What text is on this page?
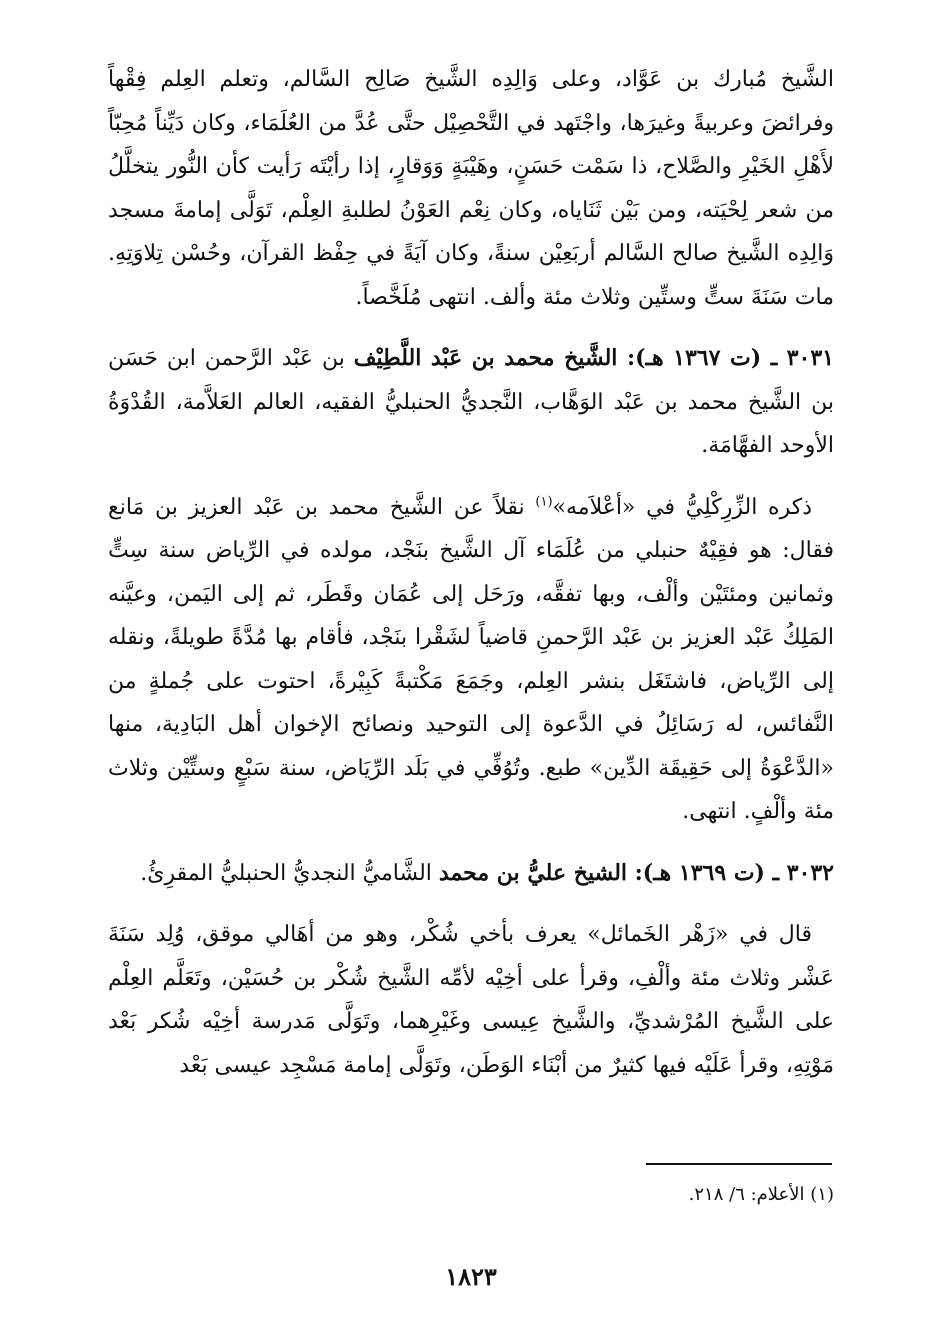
الشَّيخ مُبارك بن عَوَّاد، وعلى وَالِدِه الشَّيخ صَالِح السَّالم، وتعلم العِلم فِقْهاً وفرائضَ وعربيةً وغيرَها، واجْتَهد في التَّحْصِيْل حتَّى عُدَّ من العُلَمَاء، وكان دَيِّناً مُحِبّاً لأَهْلِ الخَيْرِ والصَّلاح، ذا سَمْت حَسَنٍ، وهَيْبَةٍ وَوَقارٍ، إذا رأيْتَه رَأيت كأن النُّور يتخلَّلُ من شعر لِحْيَته، ومن بَيْن ثَنَاياه، وكان نِعْم العَوْنُ لطلبةِ العِلْم، تَوَلَّى إمامةَ مسجد وَالِدِه الشَّيخ صالح السَّالم أربَعِيْن سنةً، وكان آيَةً في حِفْظ القرآن، وحُسْن تِلاوَتِهِ. مات سَنَةَ ستٍّ وستِّين وثلاث مئة وألف. انتهى مُلَخَّصاً.

٣٠٣١ ـ (ت ١٣٦٧ هـ): الشَّيخ محمد بن عَبْد اللَّطِيْف بن عَبْد الرَّحمن ابن حَسَن بن الشَّيخ محمد بن عَبْد الوَهَّاب، النَّجديُّ الحنبليُّ الفقيه، العالم العَلاَّمة، القُدْوَةُ الأوحد الفهَّامَة.

ذكره الزِّرِكْلِيُّ في «أعْلاَمه»$^{(١)}$ نقلاً عن الشَّيخ محمد بن عَبْد العزيز بن مَانع فقال: هو فقِيْهٌ حنبلي من عُلَمَاء آل الشَّيخ بنَجْد، مولده في الرِّياض سنة سِتٍّ وثمانين ومئتَيْن وألْف، وبها تفقَّه، ورَحَل إلى عُمَان وقَطَر، ثم إلى اليَمن، وعيَّنه المَلِكُ عَبْد العزيز بن عَبْد الرَّحمنِ قاضياً لشَقْرا بنَجْد، فأقام بها مُدَّةً طويلةً، ونقله إلى الرِّياض، فاشتَغَل بنشر العِلم، وجَمَعَ مَكْتبةً كَبِيْرةً، احتوت على جُملةٍ من النَّفائس، له رَسَائِلُ في الدَّعوة إلى التوحيد ونصائح الإخوان أهل البَادِية، منها «الدَّعْوَةُ إلى حَقِيقَة الدِّين» طبع. وتُوُفِّي في بَلَد الرِّيَاض، سنة سَبْعٍ وستِّيْن وثلاث مئة وألْفٍ. انتهى.

٣٠٣٢ ـ (ت ١٣٦٩ هـ): الشيخ عليُّ بن محمد الشَّاميُّ النجديُّ الحنبليُّ المقرِئُ.

قال في «زَهْر الخَمائل» يعرف بأخي شُكْر، وهو من أهَالي موقق، وُلِد سَنَةَ عَشْر وثلاث مئة وألْفِ، وقرأ على أخِيْه لأمِّه الشَّيخ شُكْر بن حُسَيْن، وتَعَلَّم العِلْم على الشَّيخ المُرْشديِّ، والشَّيخ عِيسى وغَيْرِهما، وتَوَلَّى مَدرسة أخِيْه شُكر بَعْد مَوْتِهِ، وقرأ عَلَيْه فيها كثيرٌ من أبْنَاء الوَطَن، وتَوَلَّى إمامة مَسْجِد عيسى بَعْد

(١) الأعلام: ٦/ ٢١٨.
١٨٢٣
